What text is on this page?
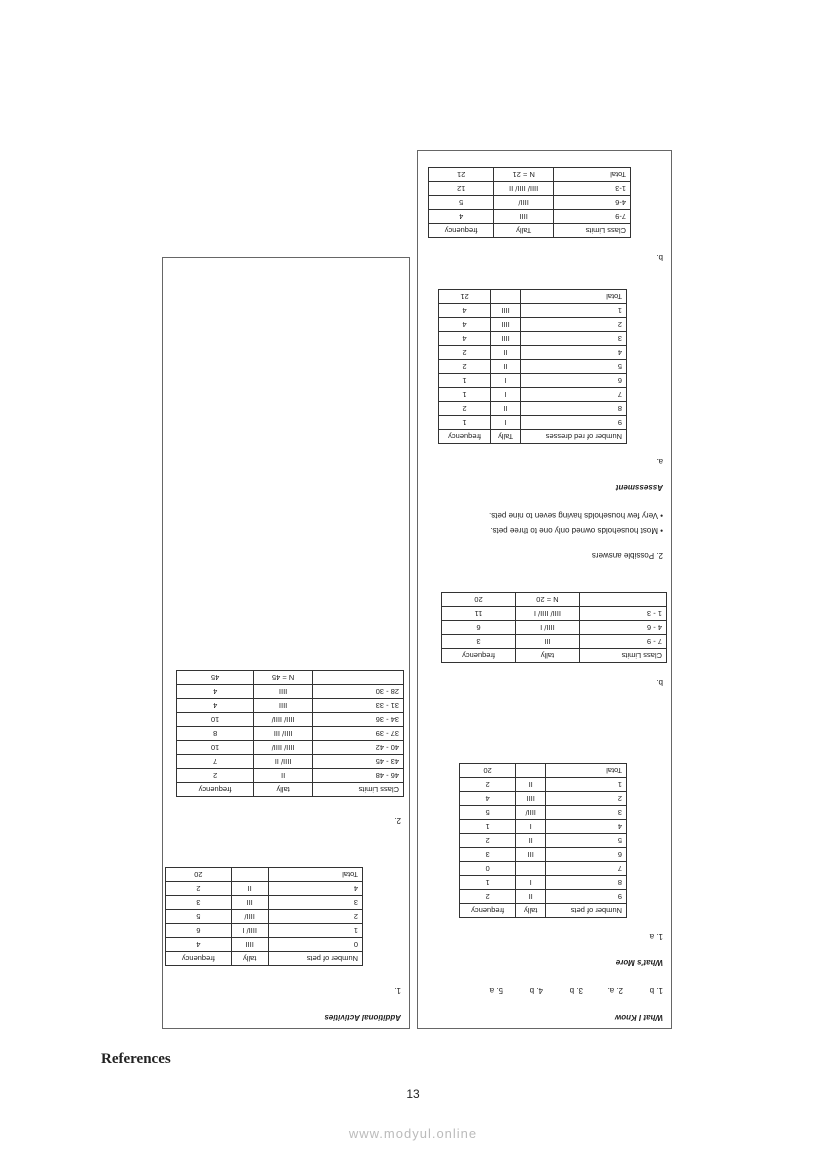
What I Know
1. b2. a.3. b4. b5. a
What's More
1. a
Number of pets	tally	frequency
9	II	2
8	I	1
7		0
6	III	3
5	II	2
4	I	1
3	IIII/	5
2	IIII	4
1	II	2
Total		20
b.
Class Limits	tally	frequency
7 - 9	III	3
4 - 6	IIII/ I	6
1 - 3	IIII/ IIII/ I	11
	N = 20	20
2. Possible answers
• Most households owned only one to three pets.
• Very few households having seven to nine pets.
Assessment
a.
Number of red dresses	Tally	frequency
9	I	1
8	II	2
7	I	1
6	I	1
5	II	2
4	II	2
3	IIII	4
2	IIII	4
1	IIII	4
Total		21
b.
Class Limits	Tally	frequency
7-9	IIII	4
4-6	IIII/	5
1-3	IIII/ IIII/ II	12
Total	N = 21	21
Additional Activities
1.
Number of pets	tally	frequency
0	IIII	4
1	IIII/ I	6
2	IIII/	5
3	III	3
4	II	2
Total		20
2.
Class Limits	tally	frequency
46 - 48	II	2
43 - 45	IIII/ II	7
40 - 42	IIII/ IIII/	10
37 - 39	IIII/ III	8
34 - 36	IIII/ IIII/	10
31 - 33	IIII	4
28 - 30	IIII	4
	N = 45	45
References
13
www.modyul.online
